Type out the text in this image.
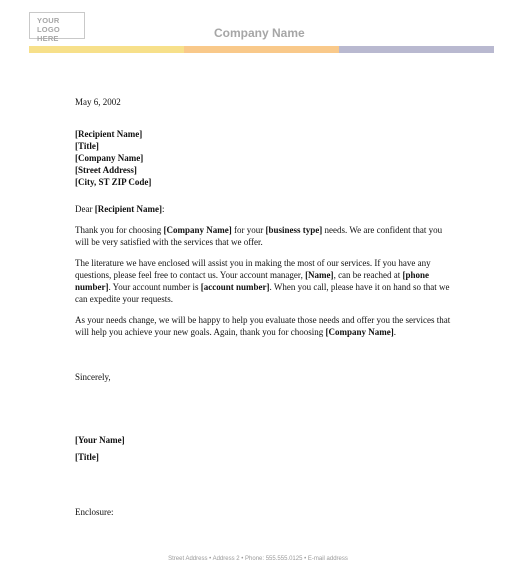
YOUR LOGO
HERE	Company Name

May 6, 2002

[Recipient Name]
[Title]
[Company Name]
[Street Address]
[City, ST ZIP Code]

Dear [Recipient Name]:

Thank you for choosing [Company Name] for your [business type] needs. We are confident that you will be very satisfied with the services that we offer.

The literature we have enclosed will assist you in making the most of our services. If you have any questions, please feel free to contact us. Your account manager, [Name], can be reached at [phone number]. Your account number is [account number]. When you call, please have it on hand so that we can expedite your requests.

As your needs change, we will be happy to help you evaluate those needs and offer you the services that will help you achieve your new goals. Again, thank you for choosing [Company Name].

Sincerely,
[Your Name]
[Title]
Enclosure:
Street Address • Address 2 • Phone: 555.555.0125 • E-mail address
